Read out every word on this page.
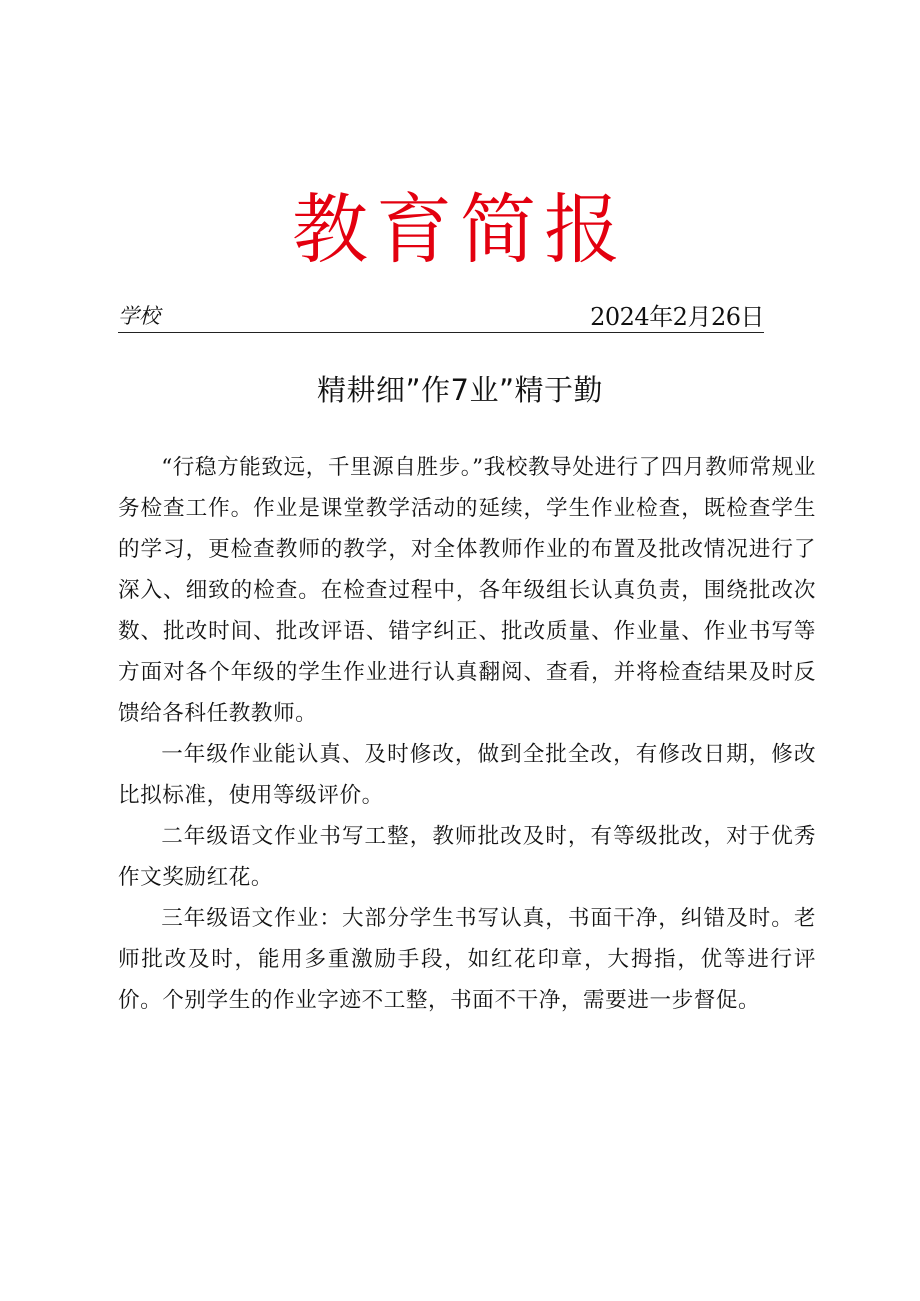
教育简报
学校	2024年2月26日
精耕细”作7业”精于勤

“行稳方能致远，千里源自胜步。”我校教导处进行了四月教师常规业务检查工作。作业是课堂教学活动的延续，学生作业检查，既检查学生的学习，更检查教师的教学，对全体教师作业的布置及批改情况进行了深入、细致的检查。在检查过程中，各年级组长认真负责，围绕批改次数、批改时间、批改评语、错字纠正、批改质量、作业量、作业书写等方面对各个年级的学生作业进行认真翻阅、查看，并将检查结果及时反馈给各科任教教师。

一年级作业能认真、及时修改，做到全批全改，有修改日期，修改比拟标准，使用等级评价。

二年级语文作业书写工整，教师批改及时，有等级批改，对于优秀作文奖励红花。

三年级语文作业：大部分学生书写认真，书面干净，纠错及时。老师批改及时，能用多重激励手段，如红花印章，大拇指，优等进行评价。个别学生的作业字迹不工整，书面不干净，需要进一步督促。
